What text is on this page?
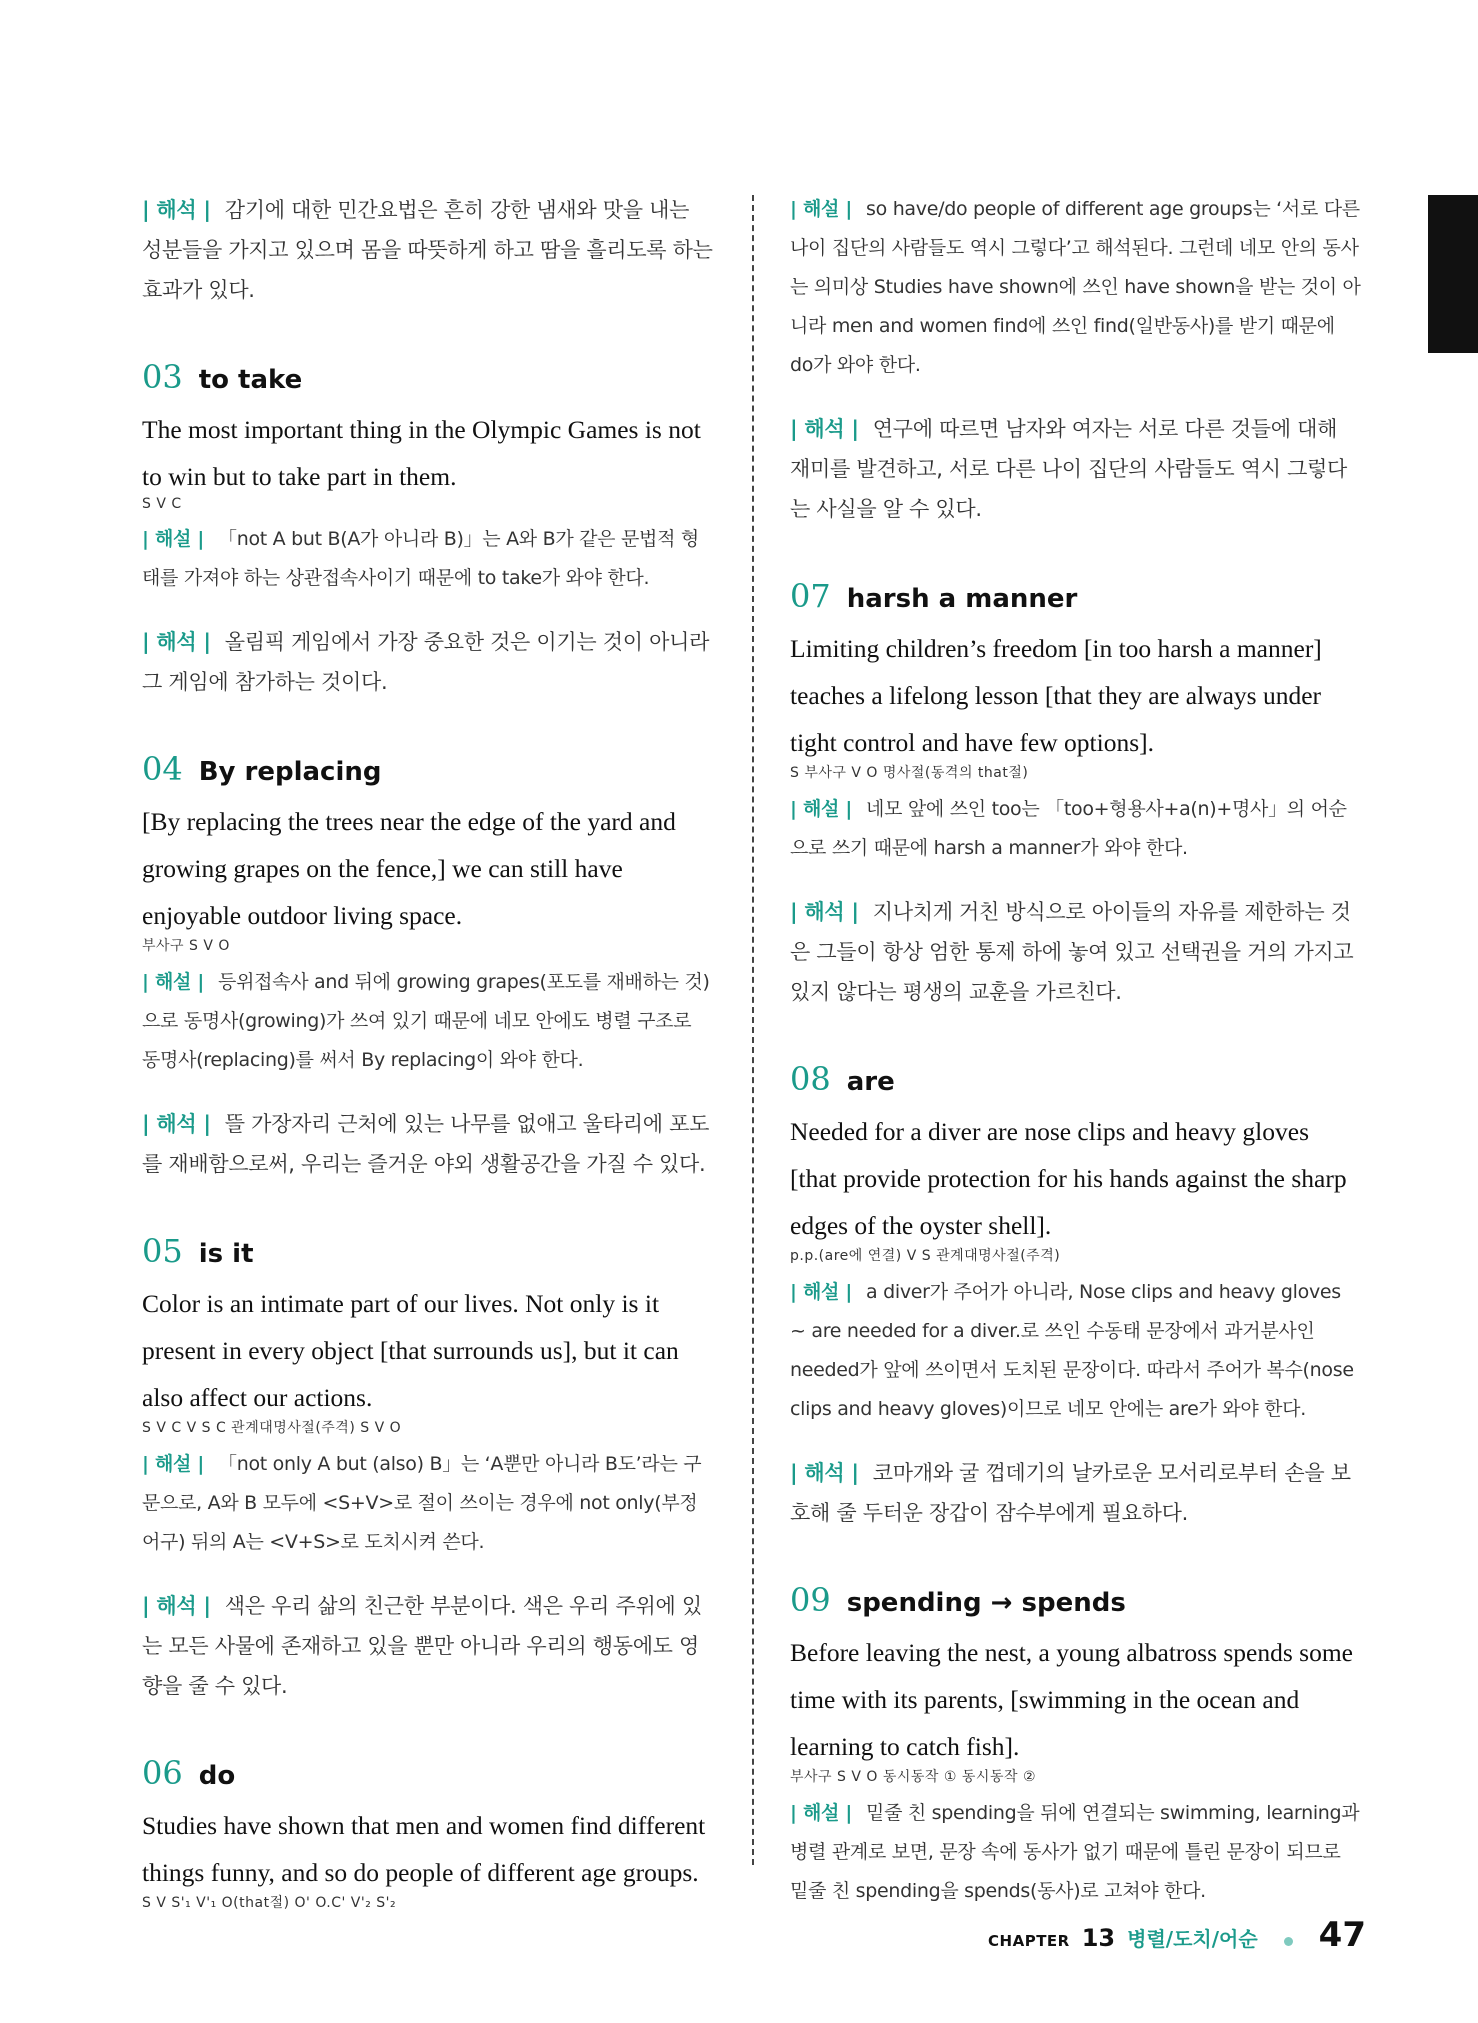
| 해석 | 감기에 대한 민간요법은 흔히 강한 냄새와 맛을 내는 성분들을 가지고 있으며 몸을 따뜻하게 하고 땀을 흘리도록 하는 효과가 있다.

03 to take

The most important thing in the Olympic Games is not to win but to take part in them.

S V C

| 해설 | 「not A but B(A가 아니라 B)」는 A와 B가 같은 문법적 형태를 가져야 하는 상관접속사이기 때문에 to take가 와야 한다.

| 해석 | 올림픽 게임에서 가장 중요한 것은 이기는 것이 아니라 그 게임에 참가하는 것이다.

04 By replacing

[By replacing the trees near the edge of the yard and growing grapes on the fence,] we can still have enjoyable outdoor living space.

부사구 S V O

| 해설 | 등위접속사 and 뒤에 growing grapes(포도를 재배하는 것)으로 동명사(growing)가 쓰여 있기 때문에 네모 안에도 병렬 구조로 동명사(replacing)를 써서 By replacing이 와야 한다.

| 해석 | 뜰 가장자리 근처에 있는 나무를 없애고 울타리에 포도를 재배함으로써, 우리는 즐거운 야외 생활공간을 가질 수 있다.

05 is it

Color is an intimate part of our lives. Not only is it present in every object [that surrounds us], but it can also affect our actions.

S V C V S C 관계대명사절(주격) S V O

| 해설 | 「not only A but (also) B」는 ‘A뿐만 아니라 B도’라는 구문으로, A와 B 모두에 <S+V>로 절이 쓰이는 경우에 not only(부정어구) 뒤의 A는 <V+S>로 도치시켜 쓴다.

| 해석 | 색은 우리 삶의 친근한 부분이다. 색은 우리 주위에 있는 모든 사물에 존재하고 있을 뿐만 아니라 우리의 행동에도 영향을 줄 수 있다.

06 do

Studies have shown that men and women find different things funny, and so do people of different age groups.

S V S'₁ V'₁ O(that절) O' O.C' V'₂ S'₂

| 해설 | so have/do people of different age groups는 ‘서로 다른 나이 집단의 사람들도 역시 그렇다’고 해석된다. 그런데 네모 안의 동사는 의미상 Studies have shown에 쓰인 have shown을 받는 것이 아니라 men and women find에 쓰인 find(일반동사)를 받기 때문에 do가 와야 한다.

| 해석 | 연구에 따르면 남자와 여자는 서로 다른 것들에 대해 재미를 발견하고, 서로 다른 나이 집단의 사람들도 역시 그렇다는 사실을 알 수 있다.

07 harsh a manner

Limiting children’s freedom [in too harsh a manner] teaches a lifelong lesson [that they are always under tight control and have few options].

S 부사구 V O 명사절(동격의 that절)

| 해설 | 네모 앞에 쓰인 too는 「too+형용사+a(n)+명사」의 어순으로 쓰기 때문에 harsh a manner가 와야 한다.

| 해석 | 지나치게 거친 방식으로 아이들의 자유를 제한하는 것은 그들이 항상 엄한 통제 하에 놓여 있고 선택권을 거의 가지고 있지 않다는 평생의 교훈을 가르친다.

08 are

Needed for a diver are nose clips and heavy gloves [that provide protection for his hands against the sharp edges of the oyster shell].

p.p.(are에 연결) V S 관계대명사절(주격)

| 해설 | a diver가 주어가 아니라, Nose clips and heavy gloves ~ are needed for a diver.로 쓰인 수동태 문장에서 과거분사인 needed가 앞에 쓰이면서 도치된 문장이다. 따라서 주어가 복수(nose clips and heavy gloves)이므로 네모 안에는 are가 와야 한다.

| 해석 | 코마개와 굴 껍데기의 날카로운 모서리로부터 손을 보호해 줄 두터운 장갑이 잠수부에게 필요하다.

09 spending → spends

Before leaving the nest, a young albatross spends some time with its parents, [swimming in the ocean and learning to catch fish].

부사구 S V O 동시동작 ① 동시동작 ②

| 해설 | 밑줄 친 spending을 뒤에 연결되는 swimming, learning과 병렬 관계로 보면, 문장 속에 동사가 없기 때문에 틀린 문장이 되므로 밑줄 친 spending을 spends(동사)로 고쳐야 한다.

CHAPTER 13 병렬/도치/어순 47
